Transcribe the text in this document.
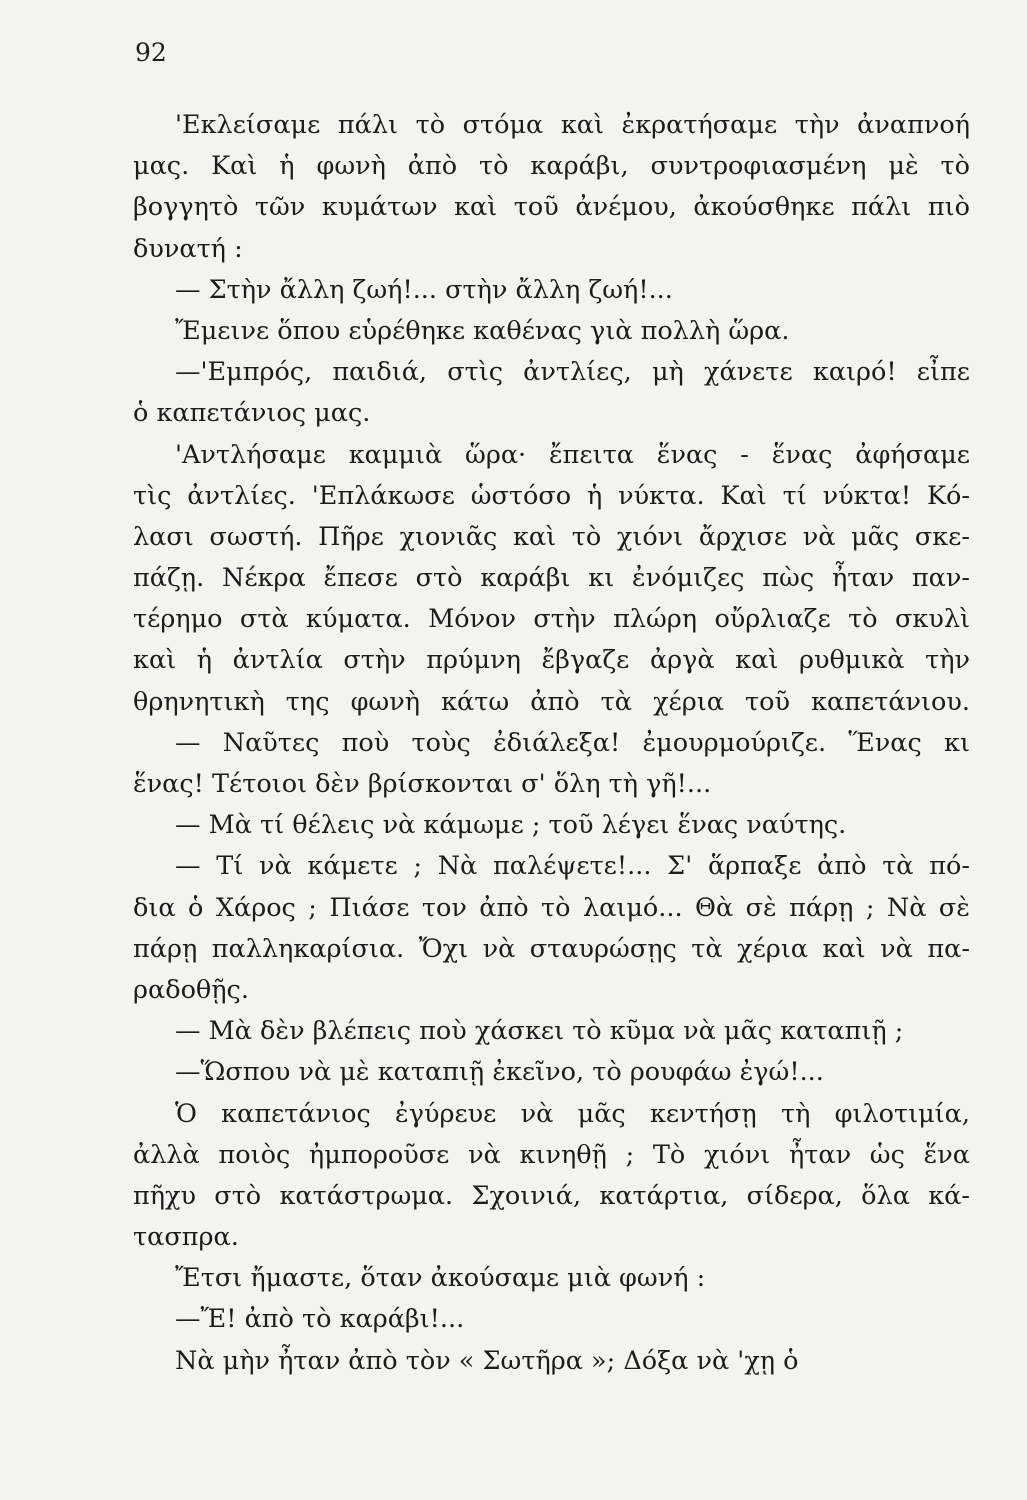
92
'Εκλείσαμε πάλι τὸ στόμα καὶ ἐκρατήσαμε τὴν ἀναπνοή
μας. Καὶ ἡ φωνὴ ἀπὸ τὸ καράβι, συντροφιασμένη μὲ τὸ
βογγητὸ τῶν κυμάτων καὶ τοῦ ἀνέμου, ἀκούσθηκε πάλι πιὸ
δυνατή :
— Στὴν ἄλλη ζωή!... στὴν ἄλλη ζωή!...
Ἔμεινε ὅπου εὑρέθηκε καθένας γιὰ πολλὴ ὥρα.
—'Εμπρός, παιδιά, στὶς ἀντλίες, μὴ χάνετε καιρό! εἶπε
ὁ καπετάνιος μας.
'Αντλήσαμε καμμιὰ ὥρα· ἔπειτα ἕνας - ἕνας ἀφήσαμε
τὶς ἀντλίες. 'Επλάκωσε ὡστόσο ἡ νύκτα. Καὶ τί νύκτα! Κό-
λασι σωστή. Πῆρε χιονιᾶς καὶ τὸ χιόνι ἄρχισε νὰ μᾶς σκε-
πάζῃ. Νέκρα ἔπεσε στὸ καράβι κι ἐνόμιζες πὼς ἦταν παν-
τέρημο στὰ κύματα. Μόνον στὴν πλώρη οὔρλιαζε τὸ σκυλὶ
καὶ ἡ ἀντλία στὴν πρύμνη ἔβγαζε ἀργὰ καὶ ρυθμικὰ τὴν
θρηνητικὴ της φωνὴ κάτω ἀπὸ τὰ χέρια τοῦ καπετάνιου.
— Ναῦτες ποὺ τοὺς ἐδιάλεξα! ἐμουρμούριζε. Ἕνας κι
ἕνας! Τέτοιοι δὲν βρίσκονται σ' ὅλη τὴ γῆ!...
— Μὰ τί θέλεις νὰ κάμωμε ; τοῦ λέγει ἕνας ναύτης.
— Τί νὰ κάμετε ; Νὰ παλέψετε!... Σ' ἅρπαξε ἀπὸ τὰ πό-
δια ὁ Χάρος ; Πιάσε τον ἀπὸ τὸ λαιμό... Θὰ σὲ πάρῃ ; Νὰ σὲ
πάρῃ παλληκαρίσια. Ὄχι νὰ σταυρώσῃς τὰ χέρια καὶ νὰ πα-
ραδοθῇς.
— Μὰ δὲν βλέπεις ποὺ χάσκει τὸ κῦμα νὰ μᾶς καταπιῇ ;
—Ὥσπου νὰ μὲ καταπιῇ ἐκεῖνο, τὸ ρουφάω ἐγώ!...
Ὁ καπετάνιος ἐγύρευε νὰ μᾶς κεντήσῃ τὴ φιλοτιμία,
ἀλλὰ ποιὸς ἠμποροῦσε νὰ κινηθῇ ; Τὸ χιόνι ἦταν ὡς ἕνα
πῆχυ στὸ κατάστρωμα. Σχοινιά, κατάρτια, σίδερα, ὅλα κά-
τασπρα.
Ἔτσι ἤμαστε, ὅταν ἀκούσαμε μιὰ φωνή :
—Ἔ! ἀπὸ τὸ καράβι!...
Νὰ μὴν ἦταν ἀπὸ τὸν « Σωτῆρα »; Δόξα νὰ 'χῃ ὁ
